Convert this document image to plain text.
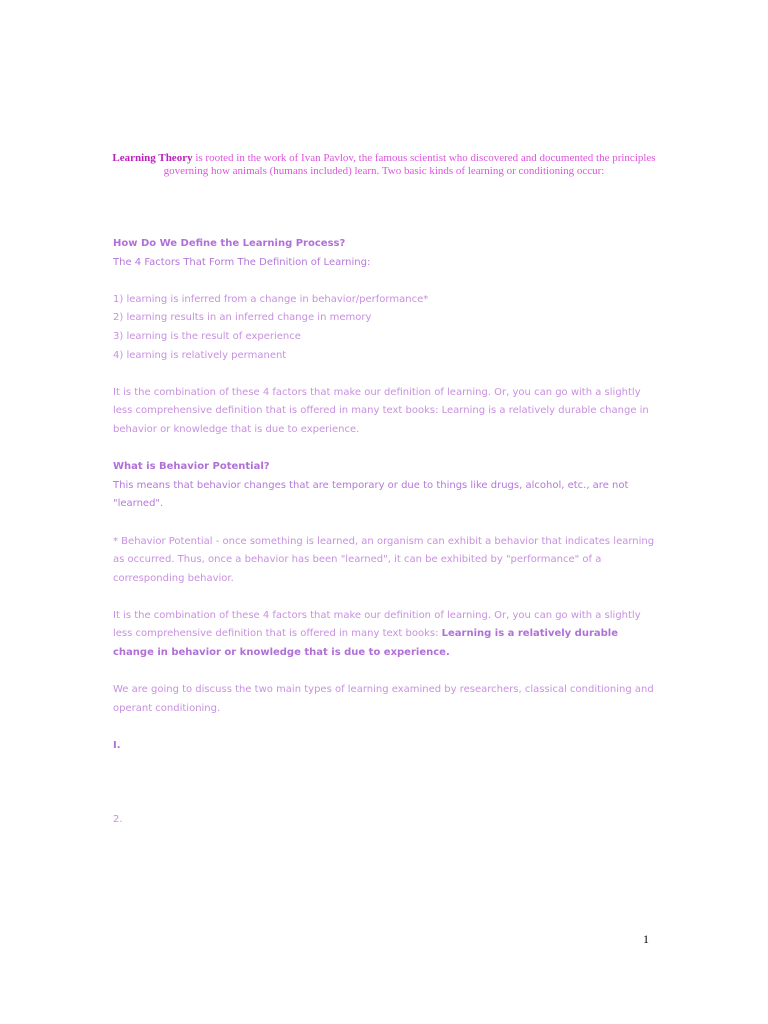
Learning Theory is rooted in the work of Ivan Pavlov, the famous scientist who discovered and documented the principles governing how animals (humans included) learn. Two basic kinds of learning or conditioning occur:

How Do We Define the Learning Process?

The 4 Factors That Form The Definition of Learning:

1) learning is inferred from a change in behavior/performance*

2) learning results in an inferred change in memory

3) learning is the result of experience

4) learning is relatively permanent

It is the combination of these 4 factors that make our definition of learning. Or, you can go with a slightly less comprehensive definition that is offered in many text books: Learning is a relatively durable change in behavior or knowledge that is due to experience.

What is Behavior Potential?

This means that behavior changes that are temporary or due to things like drugs, alcohol, etc., are not "learned".

* Behavior Potential - once something is learned, an organism can exhibit a behavior that indicates learning as occurred. Thus, once a behavior has been "learned", it can be exhibited by "performance" of a corresponding behavior.

It is the combination of these 4 factors that make our definition of learning. Or, you can go with a slightly less comprehensive definition that is offered in many text books: Learning is a relatively durable change in behavior or knowledge that is due to experience.

We are going to discuss the two main types of learning examined by researchers, classical conditioning and operant conditioning.

I.

2.

1
